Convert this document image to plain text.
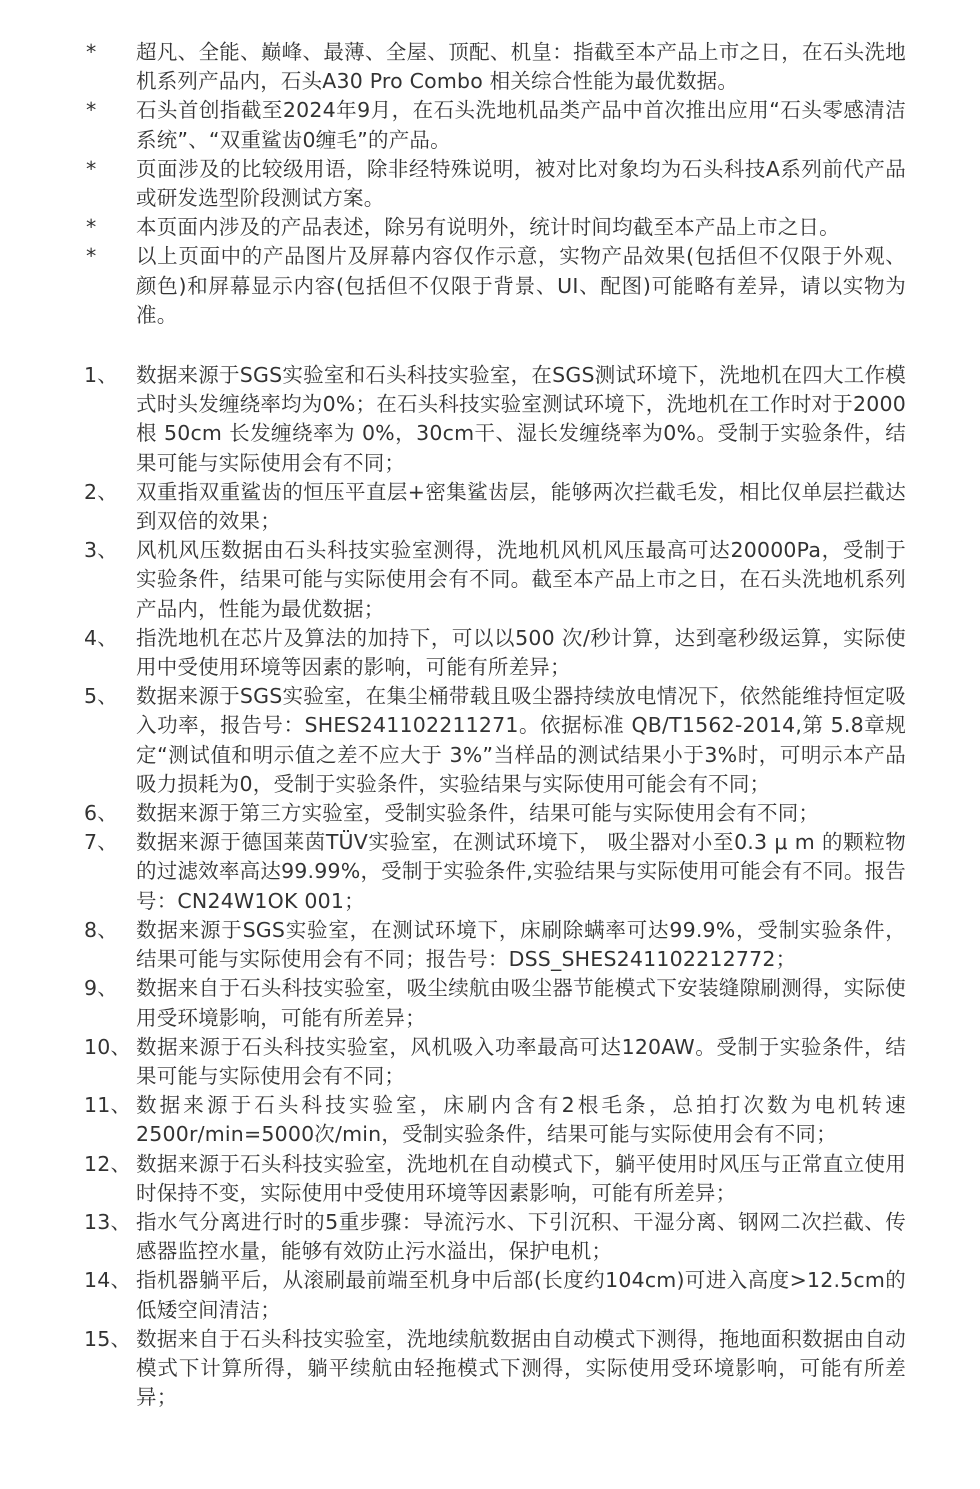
*	超凡、全能、巅峰、最薄、全屋、顶配、机皇：指截至本产品上市之日，在石头洗地机系列产品内，石头A30 Pro Combo 相关综合性能为最优数据。
*	石头首创指截至2024年9月，在石头洗地机品类产品中首次推出应用“石头零感清洁系统”、“双重鲨齿0缠毛”的产品。
*	页面涉及的比较级用语，除非经特殊说明，被对比对象均为石头科技A系列前代产品或研发选型阶段测试方案。
*	本页面内涉及的产品表述，除另有说明外，统计时间均截至本产品上市之日。
*	以上页面中的产品图片及屏幕内容仅作示意，实物产品效果(包括但不仅限于外观、颜色)和屏幕显示内容(包括但不仅限于背景、UI、配图)可能略有差异，请以实物为准。
1、 数据来源于SGS实验室和石头科技实验室，在SGS测试环境下，洗地机在四大工作模式时头发缠绕率均为0%；在石头科技实验室测试环境下，洗地机在工作时对于2000 根 50cm 长发缠绕率为 0%，30cm干、湿长发缠绕率为0%。受制于实验条件，结果可能与实际使用会有不同；
2、 双重指双重鲨齿的恒压平直层+密集鲨齿层，能够两次拦截毛发，相比仅单层拦截达到双倍的效果；
3、 风机风压数据由石头科技实验室测得，洗地机风机风压最高可达20000Pa，受制于实验条件，结果可能与实际使用会有不同。截至本产品上市之日，在石头洗地机系列产品内，性能为最优数据；
4、 指洗地机在芯片及算法的加持下，可以以500 次/秒计算，达到毫秒级运算，实际使用中受使用环境等因素的影响，可能有所差异；
5、 数据来源于SGS实验室，在集尘桶带载且吸尘器持续放电情况下，依然能维持恒定吸入功率，报告号：SHES241102211271。依据标准 QB/T1562-2014,第 5.8章规定“测试值和明示值之差不应大于 3%”当样品的测试结果小于3%时，可明示本产品吸力损耗为0，受制于实验条件，实验结果与实际使用可能会有不同；
6、 数据来源于第三方实验室，受制实验条件，结果可能与实际使用会有不同；
7、 数据来源于德国莱茵TÜV实验室，在测试环境下， 吸尘器对小至0.3 μ m 的颗粒物的过滤效率高达99.99%，受制于实验条件,实验结果与实际使用可能会有不同。报告号：CN24W1OK 001；
8、 数据来源于SGS实验室，在测试环境下，床刷除螨率可达99.9%，受制实验条件，结果可能与实际使用会有不同；报告号：DSS_SHES241102212772；
9、 数据来自于石头科技实验室，吸尘续航由吸尘器节能模式下安装缝隙刷测得，实际使用受环境影响，可能有所差异；
10、 数据来源于石头科技实验室，风机吸入功率最高可达120AW。受制于实验条件，结果可能与实际使用会有不同；
11、 数据来源于石头科技实验室，床刷内含有2根毛条，总拍打次数为电机转速2500r/min=5000次/min，受制实验条件，结果可能与实际使用会有不同；
12、 数据来源于石头科技实验室，洗地机在自动模式下，躺平使用时风压与正常直立使用时保持不变，实际使用中受使用环境等因素影响，可能有所差异；
13、 指水气分离进行时的5重步骤：导流污水、下引沉积、干湿分离、钢网二次拦截、传感器监控水量，能够有效防止污水溢出，保护电机；
14、 指机器躺平后，从滚刷最前端至机身中后部(长度约104cm)可进入高度>12.5cm的低矮空间清洁；
15、 数据来自于石头科技实验室，洗地续航数据由自动模式下测得，拖地面积数据由自动模式下计算所得，躺平续航由轻拖模式下测得，实际使用受环境影响，可能有所差异；
